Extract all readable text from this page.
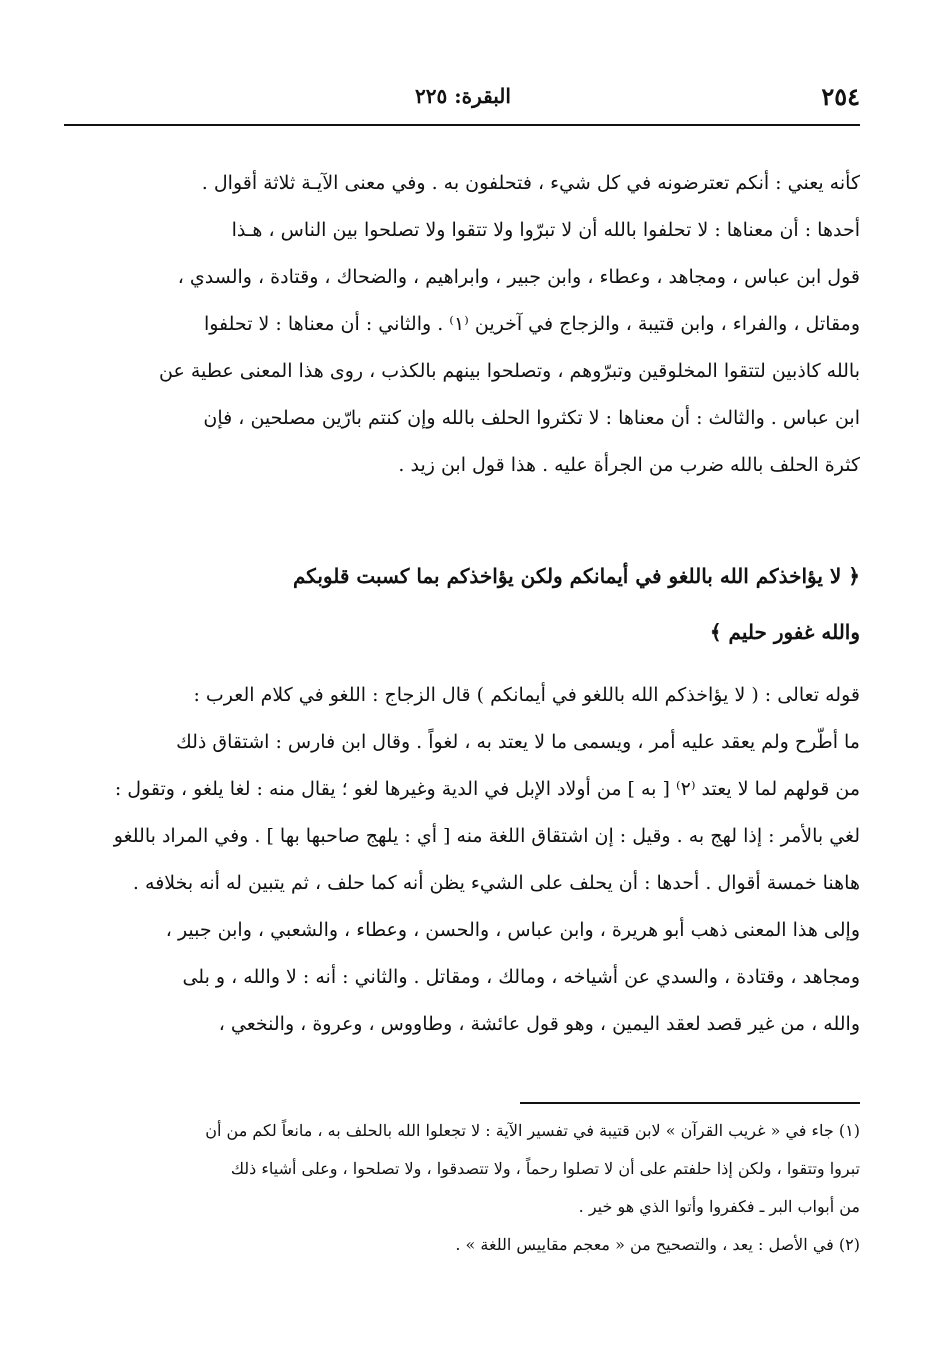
٢٥٤
البقرة: ٢٢٥
كأنه يعني : أنكم تعترضونه في كل شيء ، فتحلفون به . وفي معنى الآيـة ثلاثة أقوال .
أحدها : أن معناها : لا تحلفوا بالله أن لا تبرّوا ولا تتقوا ولا تصلحوا بين الناس ، هـذا
قول ابن عباس ، ومجاهد ، وعطاء ، وابن جبير ، وابراهيم ، والضحاك ، وقتادة ، والسدي ،
ومقاتل ، والفراء ، وابن قتيبة ، والزجاج في آخرين ⁽١⁾ . والثاني : أن معناها : لا تحلفوا
بالله كاذبين لتتقوا المخلوقين وتبرّوهم ، وتصلحوا بينهم بالكذب ، روى هذا المعنى عطية عن
ابن عباس . والثالث : أن معناها : لا تكثروا الحلف بالله وإن كنتم بارّين مصلحين ، فإن
كثرة الحلف بالله ضرب من الجرأة عليه . هذا قول ابن زيد .
﴿ لا يؤاخذكم الله باللغو في أيمانكم ولكن يؤاخذكم بما كسبت قلوبكم
والله غفور حليم ﴾
قوله تعالى : ( لا يؤاخذكم الله باللغو في أيمانكم ) قال الزجاج : اللغو في كلام العرب :
ما أطّرح ولم يعقد عليه أمر ، ويسمى ما لا يعتد به ، لغواً . وقال ابن فارس : اشتقاق ذلك
من قولهم لما لا يعتد ⁽٢⁾ [ به ] من أولاد الإبل في الدية وغيرها لغو ؛ يقال منه : لغا يلغو ، وتقول :
لغي بالأمر : إذا لهج به . وقيل : إن اشتقاق اللغة منه [ أي : يلهج صاحبها بها ] . وفي المراد باللغو
هاهنا خمسة أقوال . أحدها : أن يحلف على الشيء يظن أنه كما حلف ، ثم يتبين له أنه بخلافه .
وإلى هذا المعنى ذهب أبو هريرة ، وابن عباس ، والحسن ، وعطاء ، والشعبي ، وابن جبير ،
ومجاهد ، وقتادة ، والسدي عن أشياخه ، ومالك ، ومقاتل . والثاني : أنه : لا والله ، و بلى
والله ، من غير قصد لعقد اليمين ، وهو قول عائشة ، وطاووس ، وعروة ، والنخعي ،
(١) جاء في « غريب القرآن » لابن قتيبة في تفسير الآية : لا تجعلوا الله بالحلف به ، مانعاً لكم من أن
تبروا وتتقوا ، ولكن إذا حلفتم على أن لا تصلوا رحماً ، ولا تتصدقوا ، ولا تصلحوا ، وعلى أشياء ذلك
من أبواب البر ـ فكفروا وأتوا الذي هو خير .
(٢) في الأصل : يعد ، والتصحيح من « معجم مقاييس اللغة » .
